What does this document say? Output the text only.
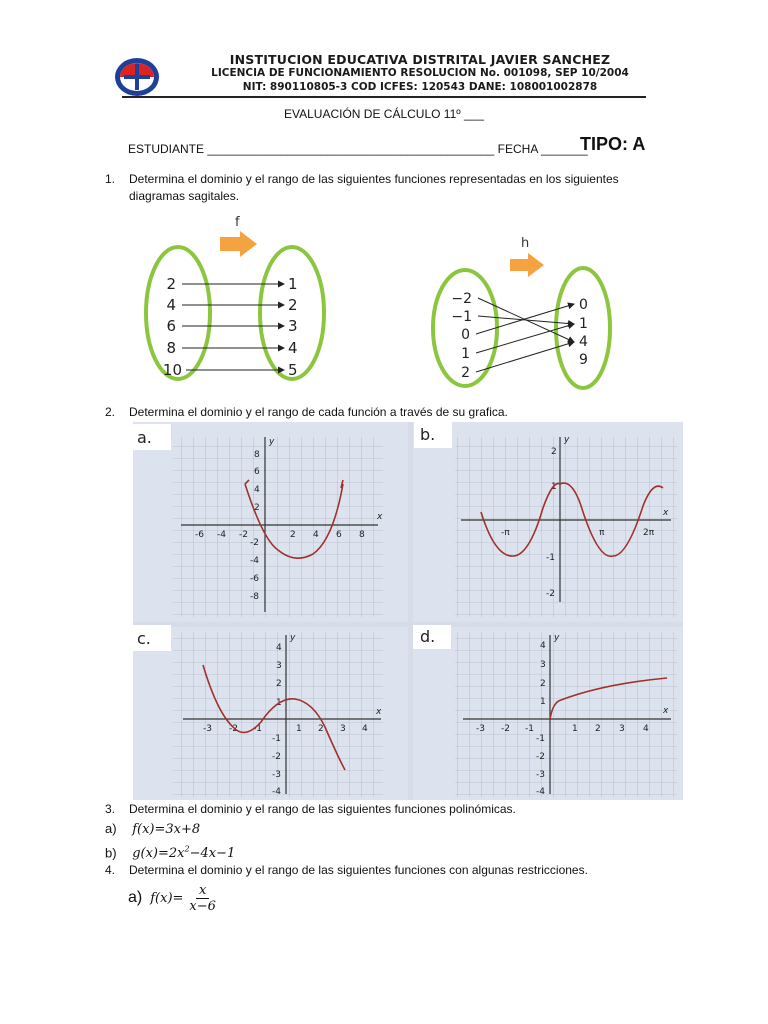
INSTITUCION EDUCATIVA DISTRITAL JAVIER SANCHEZ
LICENCIA DE FUNCIONAMIENTO RESOLUCION No. 001098, SEP 10/2004
NIT: 890110805-3 COD ICFES: 120543 DANE: 108001002878
EVALUACIÓN DE CÁLCULO 11º ___
ESTUDIANTE ___________________________________________ FECHA _______
TIPO: A
1. Determina el dominio y el rango de las siguientes funciones representadas en los siguientes diagramas sagitales.
f
2
4
6
8
10
1
2
3
4
5
h
−2
−1
0
1
2
0
1
4
9
2. Determina el dominio y el rango de cada función a través de su grafica.
a.	b.
c.	d.
x
y
x
y
x
y
x
y
-6 -4 -2	2 4 6 8
8
6
4
2
-2
-4
-6
-8
-π	π	2π
2
1
-1
-2
-3 -2 -1	1 2 3 4
4
3
2
1
-1
-2
-3
-4
-3 -2 -1	1 2 3 4
4
3
2
1
-1
-2
-3
-4
3. Determina el dominio y el rango de las siguientes funciones polinómicas.
a) f(x)=3x+8
b) $g(x)=2x^2-4x-1$
4. Determina el dominio y el rango de las siguientes funciones con algunas restricciones.
a) $f(x)= \frac{x}{x-6}$
